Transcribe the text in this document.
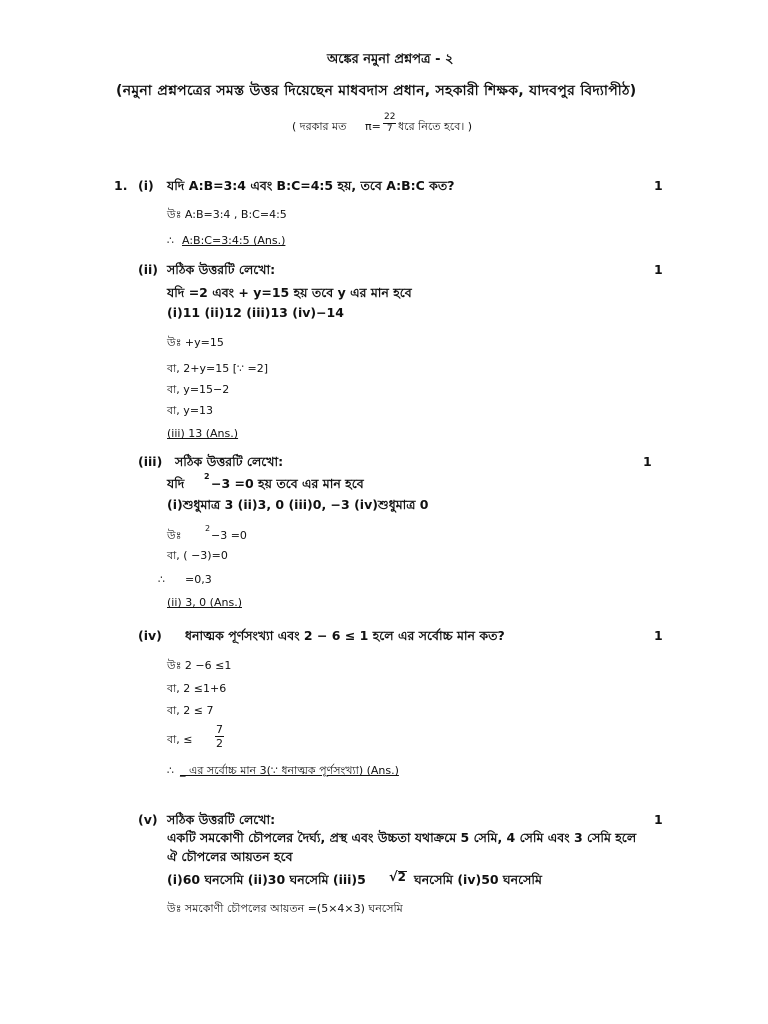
অঙ্কের নমুনা প্রশ্নপত্র - ২
(নমুনা প্রশ্নপত্রের সমস্ত উত্তর দিয়েছেন মাধবদাস প্রধান, সহকারী শিক্ষক, যাদবপুর বিদ্যাপীঠ)
( দরকার মত $\pi= \frac{22}{7}$ ধরে নিতে হবে। )
1. (i) যদি A:B=3:4 এবং B:C=4:5 হয়, তবে A:B:C কত?	1
উঃ A:B=3:4 , B:C=4:5
∴ A:B:C=3:4:5 (Ans.)
(ii) সঠিক উত্তরটি লেখো:	1
যদি =2 এবং + y=15 হয় তবে y এর মান হবে
(i)11 (ii)12 (iii)13 (iv)−14
উঃ +y=15
বা, 2+y=15 [∵ =2]
বা, y=15−2
বা, y=13
(iii) 13 (Ans.)
(iii) সঠিক উত্তরটি লেখো:	1
যদি 2 −3 =0 হয় তবে এর মান হবে
(i)শুধুমাত্র 3 (ii)3, 0 (iii)0, −3 (iv)শুধুমাত্র 0
উঃ
2
−3 =0
বা, ( −3)=0
∴ =0,3
(ii) 3, 0 (Ans.)
(iv) ধনাত্মক পূর্ণসংখ্যা এবং 2 − 6 ≤ 1 হলে এর সর্বোচ্চ মান কত?	1
উঃ 2 −6 ≤1
বা, 2 ≤1+6
বা, 2 ≤ 7
বা, ≤ $\frac{7}{2}$
∴ _ এর সর্বোচ্চ মান 3(∵ ধনাত্মক পূর্ণসংখ্যা) (Ans.)
(v) সঠিক উত্তরটি লেখো:	1
একটি সমকোণী চৌপলের দৈর্ঘ্য, প্রস্থ এবং উচ্চতা যথাক্রমে 5 সেমি, 4 সেমি এবং 3 সেমি হলে
ঐ চৌপলের আয়তন হবে
(i)60 ঘনসেমি (ii)30 ঘনসেমি (iii)5 √
2 ঘনসেমি (iv)50 ঘনসেমি
উঃ সমকোণী চৌপলের আয়তন =(5×4×3) ঘনসেমি
